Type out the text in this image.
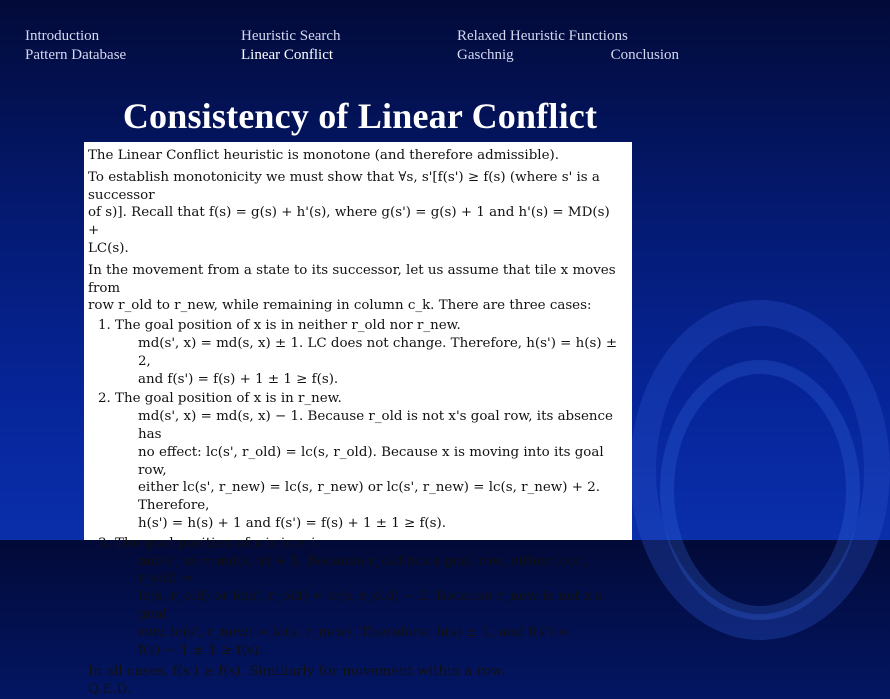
Introduction
Pattern Database
Heuristic Search
Linear Conflict
Relaxed Heuristic Functions
Gaschnig	Conclusion
Consistency of Linear Conflict

The Linear Conflict heuristic is monotone (and therefore admissible).

To establish monotonicity we must show that ∀s, s'[f(s') ≥ f(s) (where s' is a successor

of s)]. Recall that f(s) = g(s) + h'(s), where g(s') = g(s) + 1 and h'(s) = MD(s) +

LC(s).

In the movement from a state to its successor, let us assume that tile x moves from

row r_old to r_new, while remaining in column c_k. There are three cases:

1. The goal position of x is in neither r_old nor r_new.

md(s', x) = md(s, x) ± 1. LC does not change. Therefore, h(s') = h(s) ± 2,

and f(s') = f(s) + 1 ± 1 ≥ f(s).

2. The goal position of x is in r_new.

md(s', x) = md(s, x) − 1. Because r_old is not x's goal row, its absence has

no effect: lc(s', r_old) = lc(s, r_old). Because x is moving into its goal row,

either lc(s', r_new) = lc(s, r_new) or lc(s', r_new) = lc(s, r_new) + 2. Therefore,

h(s') = h(s) + 1 and f(s') = f(s) + 1 ± 1 ≥ f(s).

3. The goal position of x is in r_i.

md(s', x) = md(s, x) + 1. Because r_old is x's goal row, either lc(s', r_old) =

lc(s, r_old) or lc(s', r_old) = lc(s, r_old) − 2. Because r_new is not x's goal

row, lc(s', r_new) = lc(s, r_new). Therefore, h(s) ± 1, and f(s') =

f(s) − 1 ± 1 ≥ f(s).

In all cases, f(s') ≥ f(s). Similiarly for movement within a row.

Q.E.D.
